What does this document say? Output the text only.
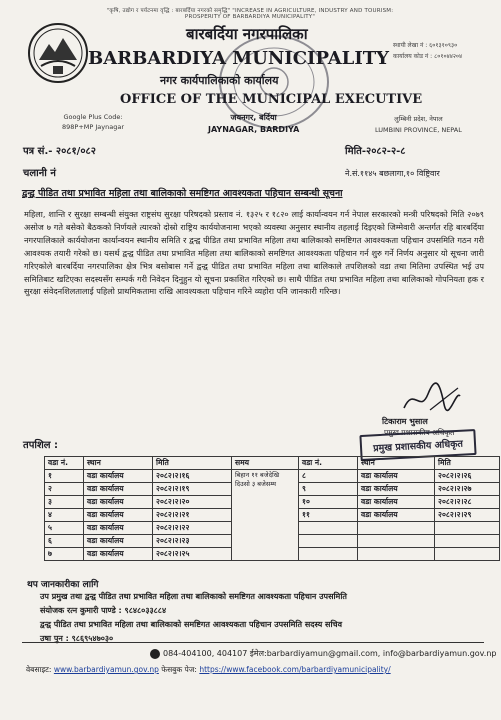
"कृषि, उद्योग र पर्यटनमा वृद्धि : बारबर्दिया नगरको समृद्धि" "INCREASE IN AGRICULTURE, INDUSTRY AND TOURISM: PROSPERITY OF BARBARDIYA MUNICIPALITY"
बारबर्दिया नगरपालिका
BARBARDIYA MUNICIPALITY
नगर कार्यपालिकाको कार्यालय
OFFICE OF THE MUNICIPAL EXECUTIVE
स्थायी लेखा नं : ६०१३१०९३०
कार्यालय कोड नं : ८०१०४४२०४
Google Plus Code:
898P+MP Jaynagar
जयनगर, बर्दिया
JAYNAGAR, BARDIYA
लुम्बिनी प्रदेश, नेपाल
LUMBINI PROVINCE, NEPAL
पत्र सं.- २०८१/०८२
चलानी नं
मिति-२०८२-२-८
ने.सं.११४५ बछलागा,१० विष्ट्रिवार
द्वन्द्व पीडित तथा प्रभावित महिला तथा बालिकाको समष्टिगत आवश्यकता पहिचान सम्बन्धी सूचना
महिला, शान्ति र सुरक्षा सम्बन्धी संयुक्त राष्ट्रसंघ सुरक्षा परिषदको प्रस्ताव नं. १३२५ र १८२० लाई कार्यान्वयन गर्न नेपाल सरकारको मन्त्री परिषदको मिति २०७९ असोज ७ गते बसेको बैठकको निर्णयले त्यारको दोस्रो राष्ट्रिय कार्ययोजनामा भएको व्यवस्था अनुसार स्थानीय तहलाई दिइएको जिम्मेवारी अन्तर्गत रहि बारबर्दिया नगरपालिकाले कार्ययोजना कार्यान्वयन स्थानीय समिति र द्वन्द्व पीडित तथा प्रभावित महिला तथा बालिकाको समष्टिगत आवश्यकता पहिचान उपसमिति गठन गरी आवश्यक तयारी गरेको छ। यसर्थ द्वन्द्व पीडित तथा प्रभावित महिला तथा बालिकाको समष्टिगत आवश्यकता पहिचान गर्न शुरु गर्ने निर्णय अनुसार यो सूचना जारी गरिएकोले बारबर्दिया नगरपालिका क्षेत्र भित्र बसोबास गर्ने द्वन्द्व पीडित तथा प्रभावित महिला तथा बालिकाले तपशिलको वडा तथा मितिमा उपस्थित भई उप समितिबाट खटिएका सदस्यसँग सम्पर्क गरी निवेदन दिनुहुन यो सूचना प्रकाशित गरिएको छ। साथै पीडित तथा प्रभावित महिला तथा बालिकाको गोपनियता हक र सुरक्षा संवेदनशिलतालाई पहिलो प्राथमिकतामा राखि आवश्यकता पहिचान गरिने व्यहोरा पनि जानकारी गरिन्छ।
टिकाराम भुसाल
प्रमुख प्रशासकीय अधिकृत
प्रमुख प्रशासकीय अधिकृत
तपशिल :
वडा नं.	स्थान	मिति	समय	वडा नं.	स्थान	मिति
१	वडा कार्यालय	२०८२।२।१६	बिहान ११ बजेदेखि दिउसो ३ बजेसम्म	८	वडा कार्यालय	२०८२।२।२६
२	वडा कार्यालय	२०८२।२।१९		९	वडा कार्यालय	२०८२।२।२७
३	वडा कार्यालय	२०८२।२।२०		१०	वडा कार्यालय	२०८२।२।२८
४	वडा कार्यालय	२०८२।२।२१		११	वडा कार्यालय	२०८२।२।२९
५	वडा कार्यालय	२०८२।२।२२				
६	वडा कार्यालय	२०८२।२।२३				
७	वडा कार्यालय	२०८२।२।२५				
थप जानकारीका लागि
उप प्रमुख तथा द्वन्द्व पीडित तथा प्रभावित महिला तथा बालिकाको समष्टिगत आवश्यकता पहिचान उपसमिति
संयोजक रत्न कुमारी पाण्डे : ९८४८०३३८८४
द्वन्द्व पीडित तथा प्रभावित महिला तथा बालिकाको समष्टिगत आवश्यकता पहिचान उपसमिति सदस्य सचिव
उषा पुन : ९८६९५४७०३०
084-404100, 404107 ईमेल:barbardiyamun@gmail.com, info@barbardiyamun.gov.np
वेबसाइट: www.barbardiyamun.gov.np फेसबुक पेज: https://www.facebook.com/barbardiyamunicipality/
